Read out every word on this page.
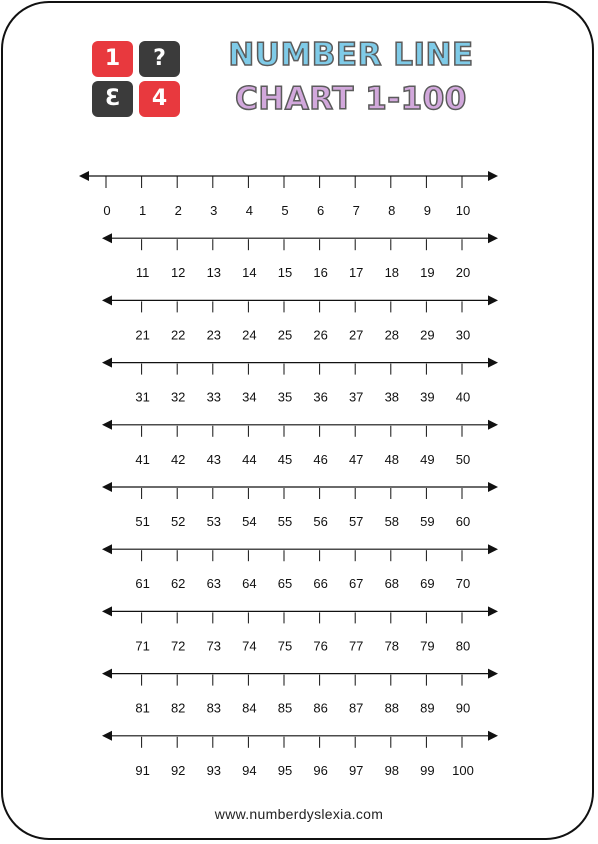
1	?
3	4
NUMBER LINE
CHART 1-100
0 1 2 3 4 5 6 7 8 9 10
11 12 13 14 15 16 17 18 19 20
21 22 23 24 25 26 27 28 29 30
31 32 33 34 35 36 37 38 39 40
41 42 43 44 45 46 47 48 49 50
51 52 53 54 55 56 57 58 59 60
61 62 63 64 65 66 67 68 69 70
71 72 73 74 75 76 77 78 79 80
81 82 83 84 85 86 87 88 89 90
91 92 93 94 95 96 97 98 99 100
www.numberdyslexia.com
